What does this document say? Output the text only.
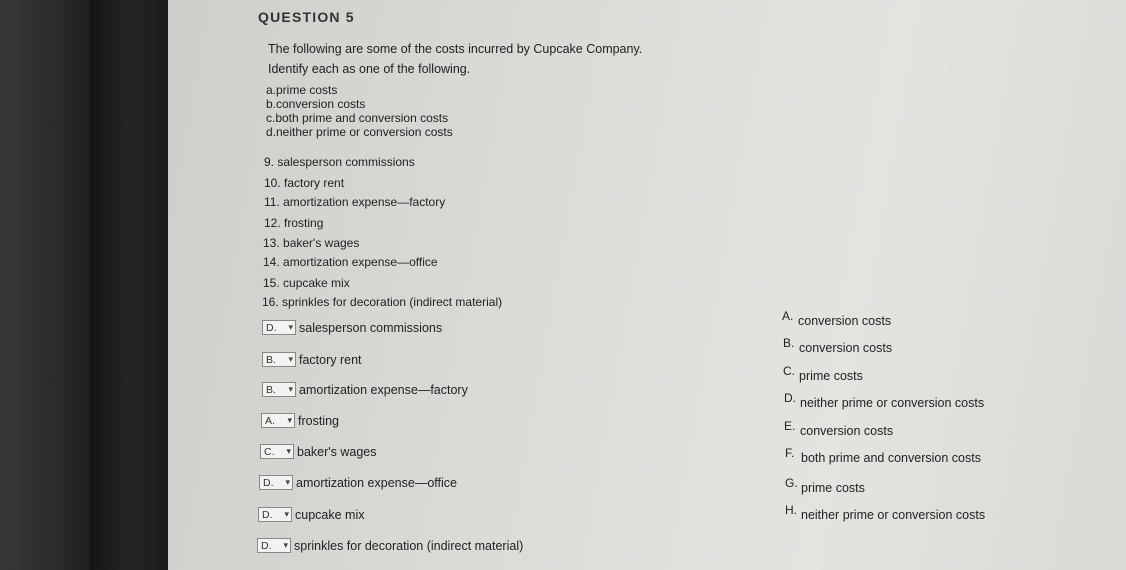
QUESTION 5
The following are some of the costs incurred by Cupcake Company.
Identify each as one of the following.
a.prime costs
b.conversion costs
c.both prime and conversion costs
d.neither prime or conversion costs
9. salesperson commissions
10. factory rent
11. amortization expense—factory
12. frosting
13. baker's wages
14. amortization expense—office
15. cupcake mix
16. sprinkles for decoration (indirect material)
D. ▾ salesperson commissions
B. ▾ factory rent
B. ▾ amortization expense—factory
A. ▾ frosting
C. ▾ baker's wages
D. ▾ amortization expense—office
D. ▾ cupcake mix
D. ▾ sprinkles for decoration (indirect material)
A. conversion costs
B. conversion costs
C. prime costs
D. neither prime or conversion costs
E. conversion costs
F. both prime and conversion costs
G. prime costs
H. neither prime or conversion costs
